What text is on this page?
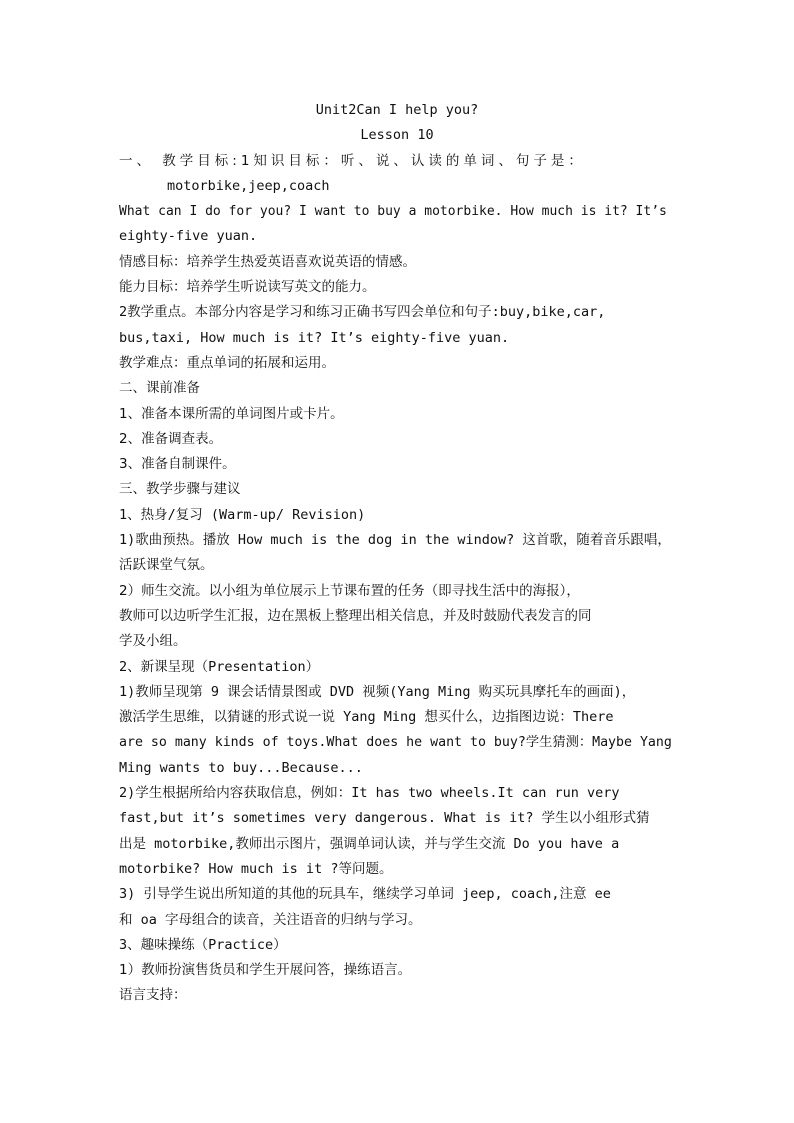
Unit2Can I help you?

Lesson 10

一、 教学目标:1知识目标：听、说、认读的单词、句子是：

motorbike,jeep,coach

What can I do for you? I want to buy a motorbike. How much is it? It’s

eighty-five yuan.

情感目标：培养学生热爱英语喜欢说英语的情感。

能力目标：培养学生听说读写英文的能力。

2教学重点。本部分内容是学习和练习正确书写四会单位和句子:buy,bike,car,

bus,taxi, How much is it? It’s eighty-five yuan.

教学难点：重点单词的拓展和运用。

二、课前准备

1、准备本课所需的单词图片或卡片。

2、准备调查表。

3、准备自制课件。

三、教学步骤与建议

1、热身/复习 (Warm-up/ Revision)

1)歌曲预热。播放 How much is the dog in the window? 这首歌，随着音乐跟唱，

活跃课堂气氛。

2）师生交流。以小组为单位展示上节课布置的任务（即寻找生活中的海报），

教师可以边听学生汇报，边在黑板上整理出相关信息，并及时鼓励代表发言的同

学及小组。

2、新课呈现（Presentation）

1)教师呈现第 9 课会话情景图或 DVD 视频(Yang Ming 购买玩具摩托车的画面)，

激活学生思维，以猜谜的形式说一说 Yang Ming 想买什么，边指图边说：There

are so many kinds of toys.What does he want to buy?学生猜测：Maybe Yang

Ming wants to buy...Because...

2)学生根据所给内容获取信息，例如：It has two wheels.It can run very

fast,but it’s sometimes very dangerous. What is it? 学生以小组形式猜

出是 motorbike,教师出示图片，强调单词认读，并与学生交流 Do you have a

motorbike? How much is it ?等问题。

3) 引导学生说出所知道的其他的玩具车，继续学习单词 jeep, coach,注意 ee

和 oa 字母组合的读音，关注语音的归纳与学习。

3、趣味操练（Practice）

1）教师扮演售货员和学生开展问答，操练语言。

语言支持：
